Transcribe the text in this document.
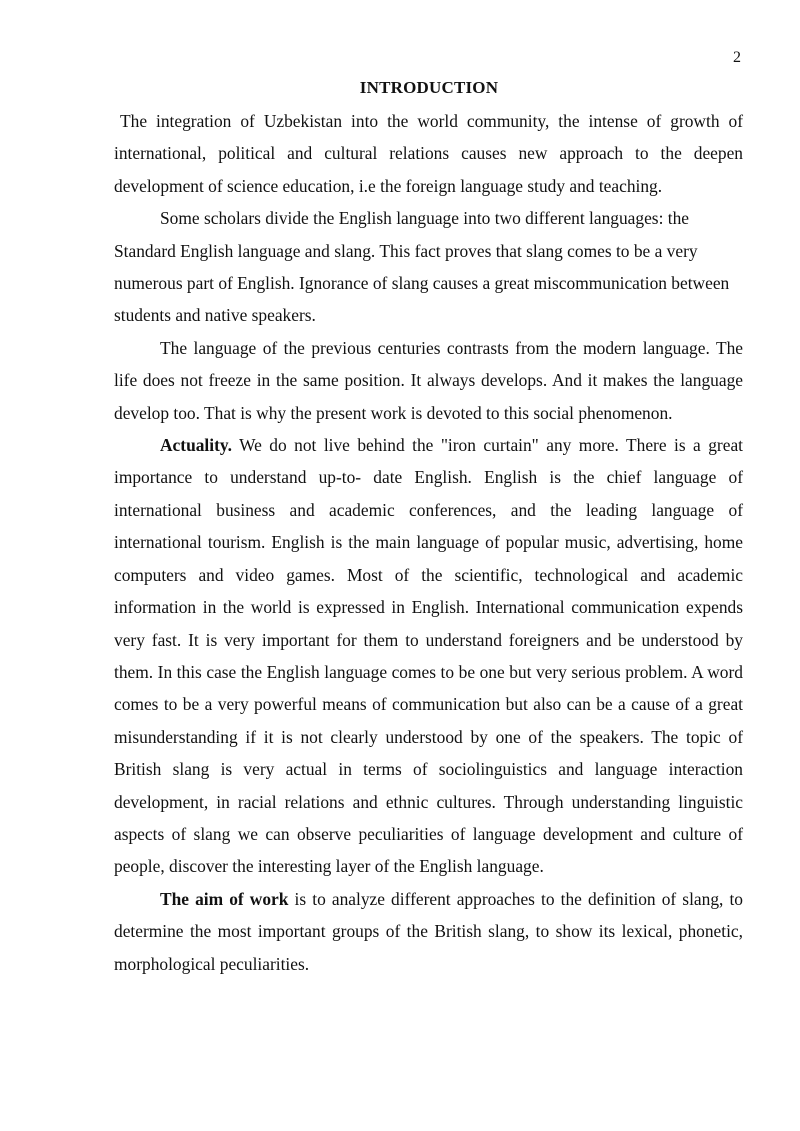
2
INTRODUCTION

The integration of Uzbekistan into the world community, the intense of growth of international, political and cultural relations causes new approach to the deepen development of science education, i.e the foreign language study and teaching.

Some scholars divide the English language into two different languages: the Standard English language and slang. This fact proves that slang comes to be a very numerous part of English. Ignorance of slang causes a great miscommunication between students and native speakers.

The language of the previous centuries contrasts from the modern language. The life does not freeze in the same position. It always develops. And it makes the language develop too. That is why the present work is devoted to this social phenomenon.

Actuality. We do not live behind the "iron curtain" any more. There is a great importance to understand up-to- date English. English is the chief language of international business and academic conferences, and the leading language of international tourism. English is the main language of popular music, advertising, home computers and video games. Most of the scientific, technological and academic information in the world is expressed in English. International communication expends very fast. It is very important for them to understand foreigners and be understood by them. In this case the English language comes to be one but very serious problem. A word comes to be a very powerful means of communication but also can be a cause of a great misunderstanding if it is not clearly understood by one of the speakers. The topic of British slang is very actual in terms of sociolinguistics and language interaction development, in racial relations and ethnic cultures. Through understanding linguistic aspects of slang we can observe peculiarities of language development and culture of people, discover the interesting layer of the English language.

The aim of work is to analyze different approaches to the definition of slang, to determine the most important groups of the British slang, to show its lexical, phonetic, morphological peculiarities.
